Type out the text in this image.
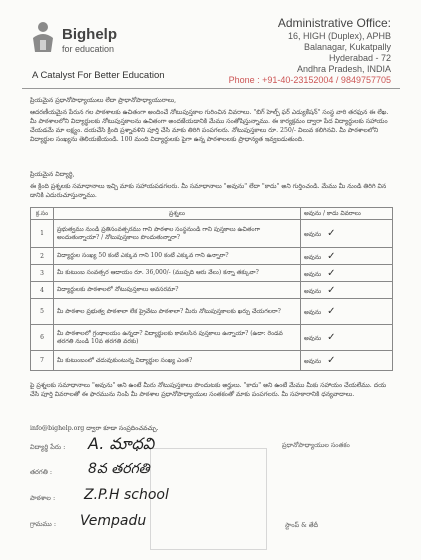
Bighelp
for education
A Catalyst For Better Education
Administrative Office:
16, HIGH (Duplex), APHB
Balanagar, Kukatpally
Hyderabad - 72
Andhra Pradesh, INDIA
Phone : +91-40-23152004 / 9849757705
ప్రియమైన ప్రధానోపాధ్యాయులు లేదా ప్రాధానోపాధ్యాయురాలు,
ఆదరణీయమైన పేరున గల పాఠశాలకు ఉచితంగా అందించే నోటుపుస్తకాల గురించిన వివరాలు. "బిగ్ హెల్ప్ ఫర్ ఎడ్యుకేషన్" సంస్థ వారి తరఫున ఈ లేఖ. మీ పాఠశాలలోని విద్యార్థులకు నోటుపుస్తకాలను ఉచితంగా అందజేయడానికి మేము సంతోషిస్తున్నాము. ఈ కార్యక్రమం ద్వారా పేద విద్యార్థులకు సహాయం చేయడమే మా లక్ష్యం. దయచేసి క్రింది ప్రశ్నావళిని పూర్తి చేసి మాకు తిరిగి పంపగలరు. నోటుపుస్తకాలు రూ. 250/- విలువ కలిగినవి. మీ పాఠశాలలోని విద్యార్థుల సంఖ్యను తెలియజేయండి. 100 మంది విద్యార్థులకు పైగా ఉన్న పాఠశాలలకు ప్రాధాన్యత ఇవ్వబడుతుంది.
ప్రియమైన విద్యార్థి,
ఈ క్రింది ప్రశ్నలకు సమాధానాలు ఇచ్చి మాకు సహాయపడగలరు. మీ సమాధానాలు "అవును" లేదా "కాదు" అని గుర్తించండి. మేము మీ నుండి తిరిగి వినడానికి ఎదురుచూస్తున్నాము.
క్ర.సం	ప్రశ్నలు	అవును / కాదు వివరాలు
1	ప్రభుత్వము నుండి ప్రతిసంవత్సరము గాని పాఠశాల సంస్థనుండి గాని పుస్తకాలు ఉచితంగా అందుతున్నాయా? / నోటుపుస్తకాలు పొందుతున్నారా?	అవును ✓
2	విద్యార్థుల సంఖ్య 50 కంటే ఎక్కువ గాని 100 కంటే ఎక్కువ గాని ఉన్నారా?	అవును ✓
3	మీ కుటుంబ సంవత్సర ఆదాయం రూ. 36,000/- (ముప్పది ఆరు వేలు) కన్నా తక్కువా?	అవును ✓
4	విద్యార్థులకు పాఠశాలలో నోటుపుస్తకాలు అవసరమా?	అవును ✓
5	మీ పాఠశాల ప్రభుత్వ పాఠశాలా లేక ప్రైవేటు పాఠశాలా? మీరు నోటుపుస్తకాలకు ఖర్చు చేయగలరా?	అవును ✓
6	మీ పాఠశాలలో గ్రంథాలయం ఉన్నదా? విద్యార్థులకు కావలసిన పుస్తకాలు ఉన్నాయా? (ఉదా: రెండవ తరగతి నుండి 10వ తరగతి వరకు)	అవును ✓
7	మీ కుటుంబంలో చదువుకుంటున్న విద్యార్థుల సంఖ్య ఎంత?	అవును ✓
పై ప్రశ్నలకు సమాధానాలు "అవును" అని ఉంటే మీరు నోటుపుస్తకాలు పొందుటకు అర్హులు. "కాదు" అని ఉంటే మేము మీకు సహాయం చేయలేము. దయచేసి పూర్తి వివరాలతో ఈ ఫారమును నింపి మీ పాఠశాల ప్రధానోపాధ్యాయుల సంతకంతో మాకు పంపగలరు. మీ సహకారానికి ధన్యవాదాలు.
info@bighelp.org ద్వారా కూడా సంప్రదించవచ్చు.
విద్యార్థి పేరు : A. మాధవి
తరగతి :	8వ తరగతి
పాఠశాల : Z.P.H school
గ్రామము : Vempadu
ప్రధానోపాధ్యాయుల సంతకం
స్టాంప్ & తేదీ
